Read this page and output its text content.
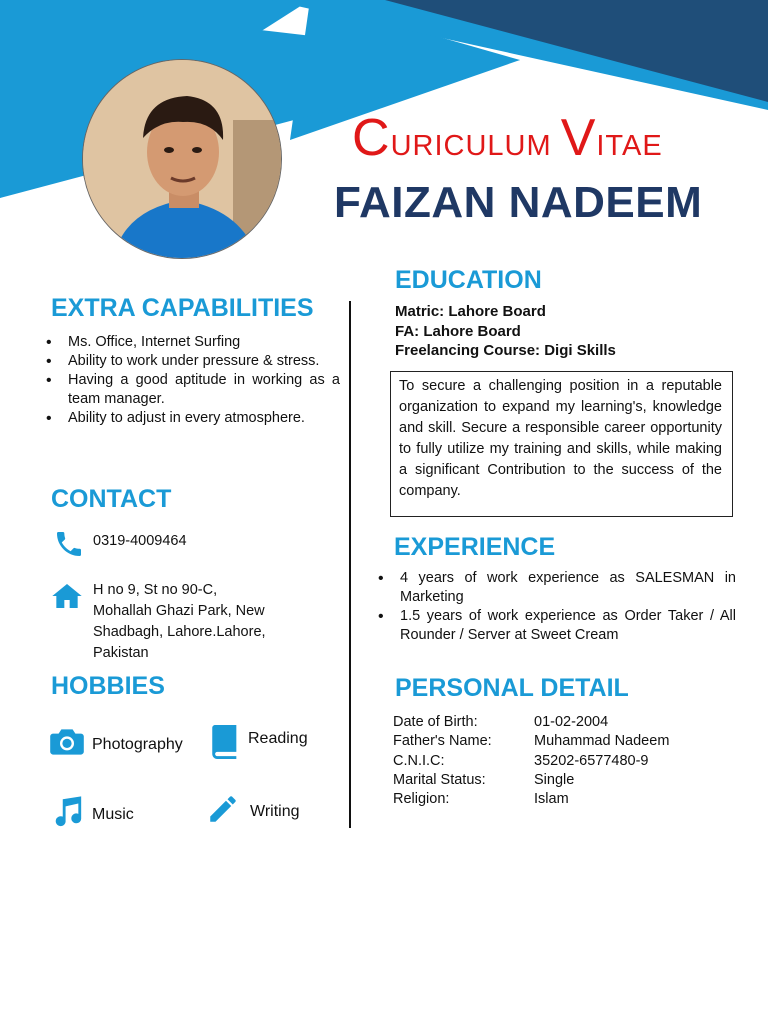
CURICULUM VITAE
FAIZAN NADEEM
EXTRA CAPABILITIES
• Ms. Office, Internet Surfing
• Ability to work under pressure & stress.
• Having a good aptitude in working as a team manager.
• Ability to adjust in every atmosphere.
CONTACT
0319-4009464
H no 9, St no 90-C,
Mohallah Ghazi Park, New
Shadbagh, Lahore.Lahore,
Pakistan
HOBBIES
Photography	Reading
Music	Writing
EDUCATION
Matric: Lahore Board
FA: Lahore Board
Freelancing Course: Digi Skills
To secure a challenging position in a reputable organization to expand my learning's, knowledge and skill. Secure a responsible career opportunity to fully utilize my training and skills, while making a significant Contribution to the success of the company.
EXPERIENCE
• 4 years of work experience as SALESMAN in Marketing
• 1.5 years of work experience as Order Taker / All Rounder / Server at Sweet Cream
PERSONAL DETAIL
Date of Birth:	01-02-2004
Father's Name:	Muhammad Nadeem
C.N.I.C:	35202-6577480-9
Marital Status:	Single
Religion:	Islam
